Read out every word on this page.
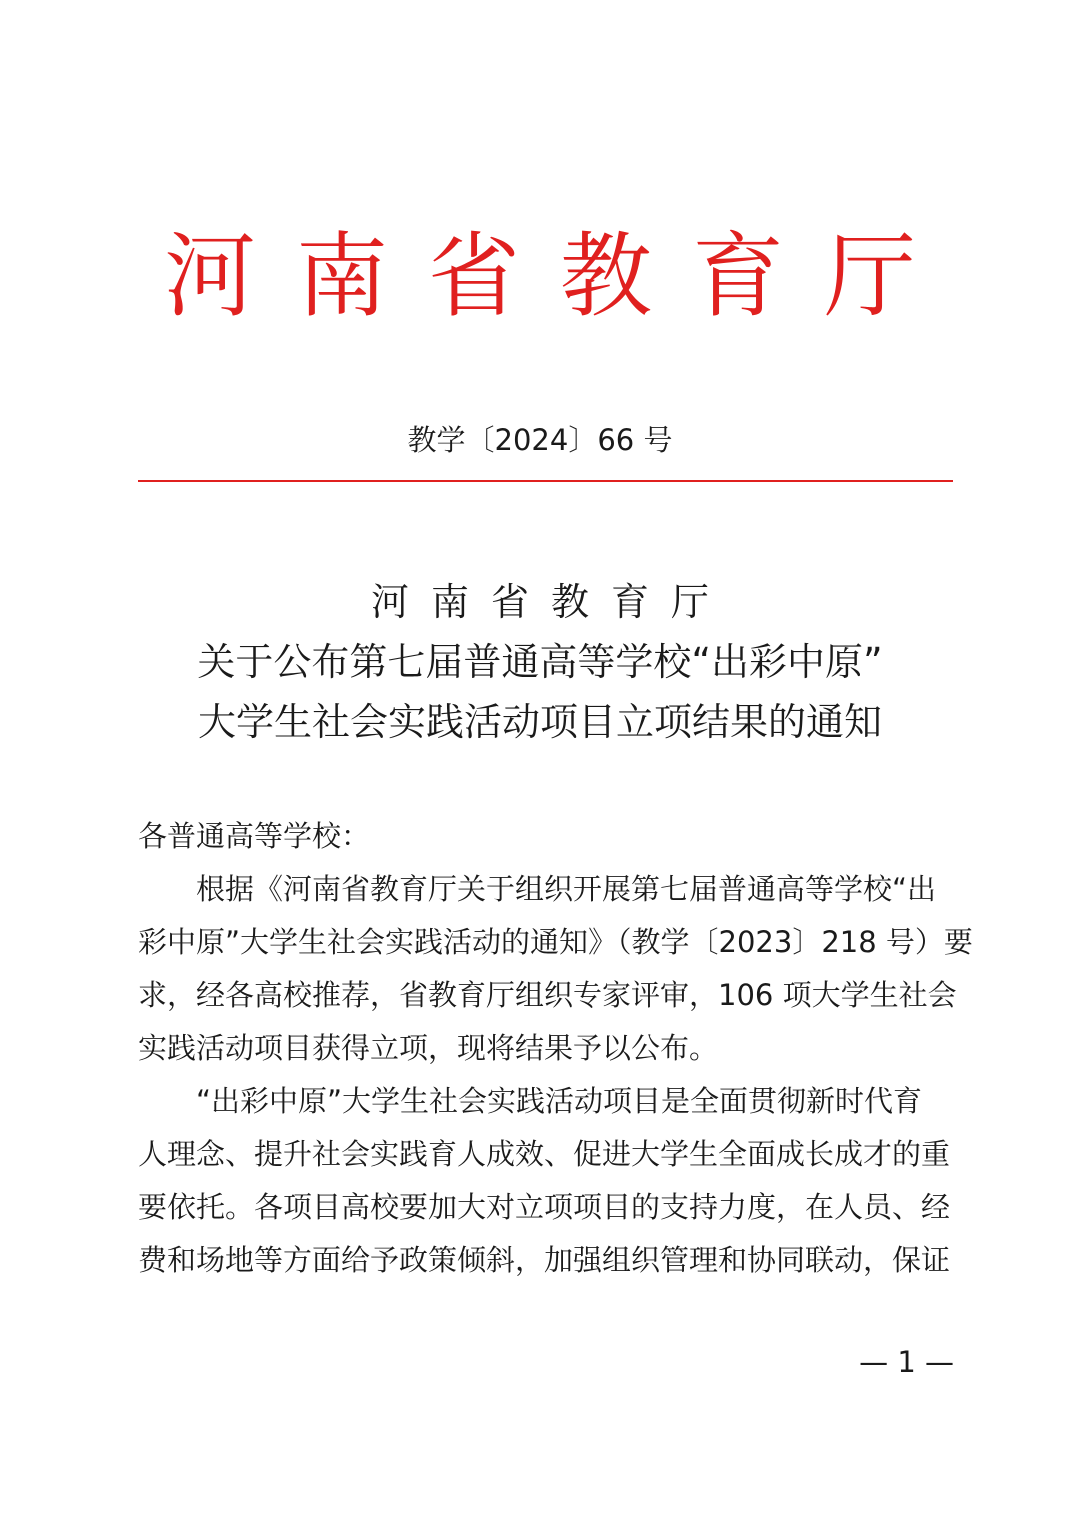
河南省教育厅
教学〔2024〕66 号
河南省教育厅
关于公布第七届普通高等学校“出彩中原”
大学生社会实践活动项目立项结果的通知

各普通高等学校：

根据《河南省教育厅关于组织开展第七届普通高等学校“出
彩中原”大学生社会实践活动的通知》（教学〔2023〕218 号）要
求，经各高校推荐，省教育厅组织专家评审，106 项大学生社会
实践活动项目获得立项，现将结果予以公布。
“出彩中原”大学生社会实践活动项目是全面贯彻新时代育
人理念、提升社会实践育人成效、促进大学生全面成长成才的重
要依托。各项目高校要加大对立项项目的支持力度，在人员、经
费和场地等方面给予政策倾斜，加强组织管理和协同联动，保证
— 1 —
